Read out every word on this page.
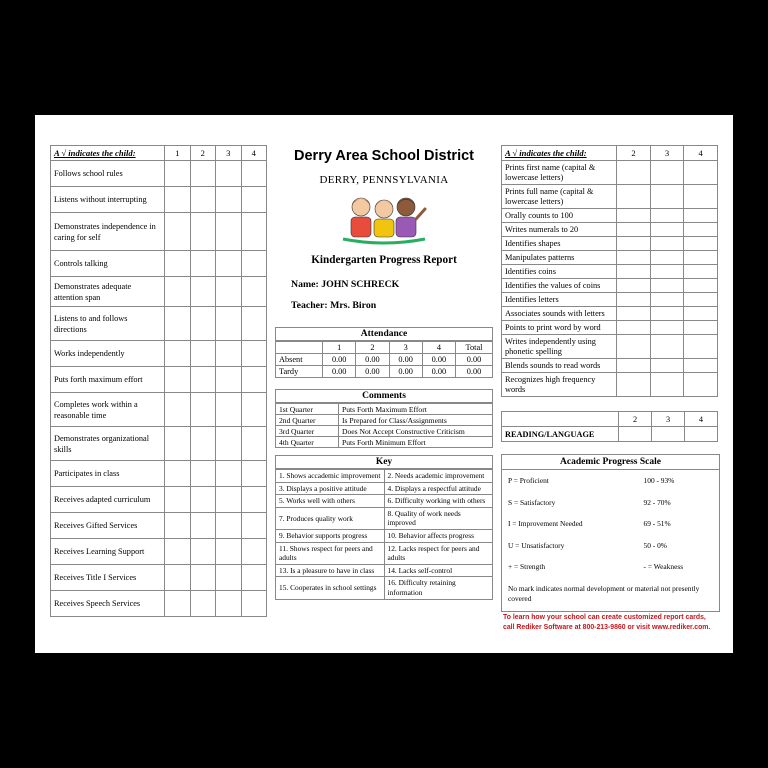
A √ indicates the child:	1	2	3	4
Follows school rules				
Listens without interrupting				
Demonstrates independence in caring for self				
Controls talking				
Demonstrates adequate attention span				
Listens to and follows directions				
Works independently				
Puts forth maximum effort				
Completes work within a reasonable time				
Demonstrates organizational skills				
Participates in class				
Receives adapted curriculum				
Receives Gifted Services				
Receives Learning Support				
Receives Title I Services				
Receives Speech Services				
Derry Area School District
DERRY, PENNSYLVANIA
Kindergarten Progress Report
Name: JOHN SCHRECK
Teacher: Mrs. Biron
Attendance
	1	2	3	4	Total
Absent	0.00	0.00	0.00	0.00	0.00
Tardy	0.00	0.00	0.00	0.00	0.00
Comments
1st Quarter	Puts Forth Maximum Effort
2nd Quarter	Is Prepared for Class/Assignments
3rd Quarter	Does Not Accept Constructive Criticism
4th Quarter	Puts Forth Minimum Effort
Key
1. Shows accademic improvement	2. Needs academic improvement
3. Displays a positive attitude	4. Displays a respectful attitude
5. Works well with others	6. Difficulty working with others
7. Produces quality work	8. Quality of work needs improved
9. Behavior supports progress	10. Behavior affects progress
11. Shows respect for peers and adults	12. Lacks respect for peers and adults
13. Is a pleasure to have in class	14. Lacks self-control
15. Cooperates in school settings	16. Difficulty retaining information
A √ indicates the child:	2	3	4
Prints first name (capital & lowercase letters)			
Prints full name (capital & lowercase letters)			
Orally counts to 100			
Writes numerals to 20			
Identifies shapes			
Manipulates patterns			
Identifies coins			
Identifies the values of coins			
Identifies letters			
Associates sounds with letters			
Points to print word by word			
Writes independently using phonetic spelling			
Blends sounds to read words			
Recognizes high frequency words			
	2	3	4
READING/LANGUAGE			
Academic Progress Scale
P = Proficient	100 - 93%
S = Satisfactory	92 - 70%
I = Improvement Needed	69 - 51%
U = Unsatisfactory	50 - 0%
+ = Strength	- = Weakness
No mark indicates normal development or material not presently covered
To learn how your school can create customized report cards,
call Rediker Software at 800-213-9860 or visit www.rediker.com.
